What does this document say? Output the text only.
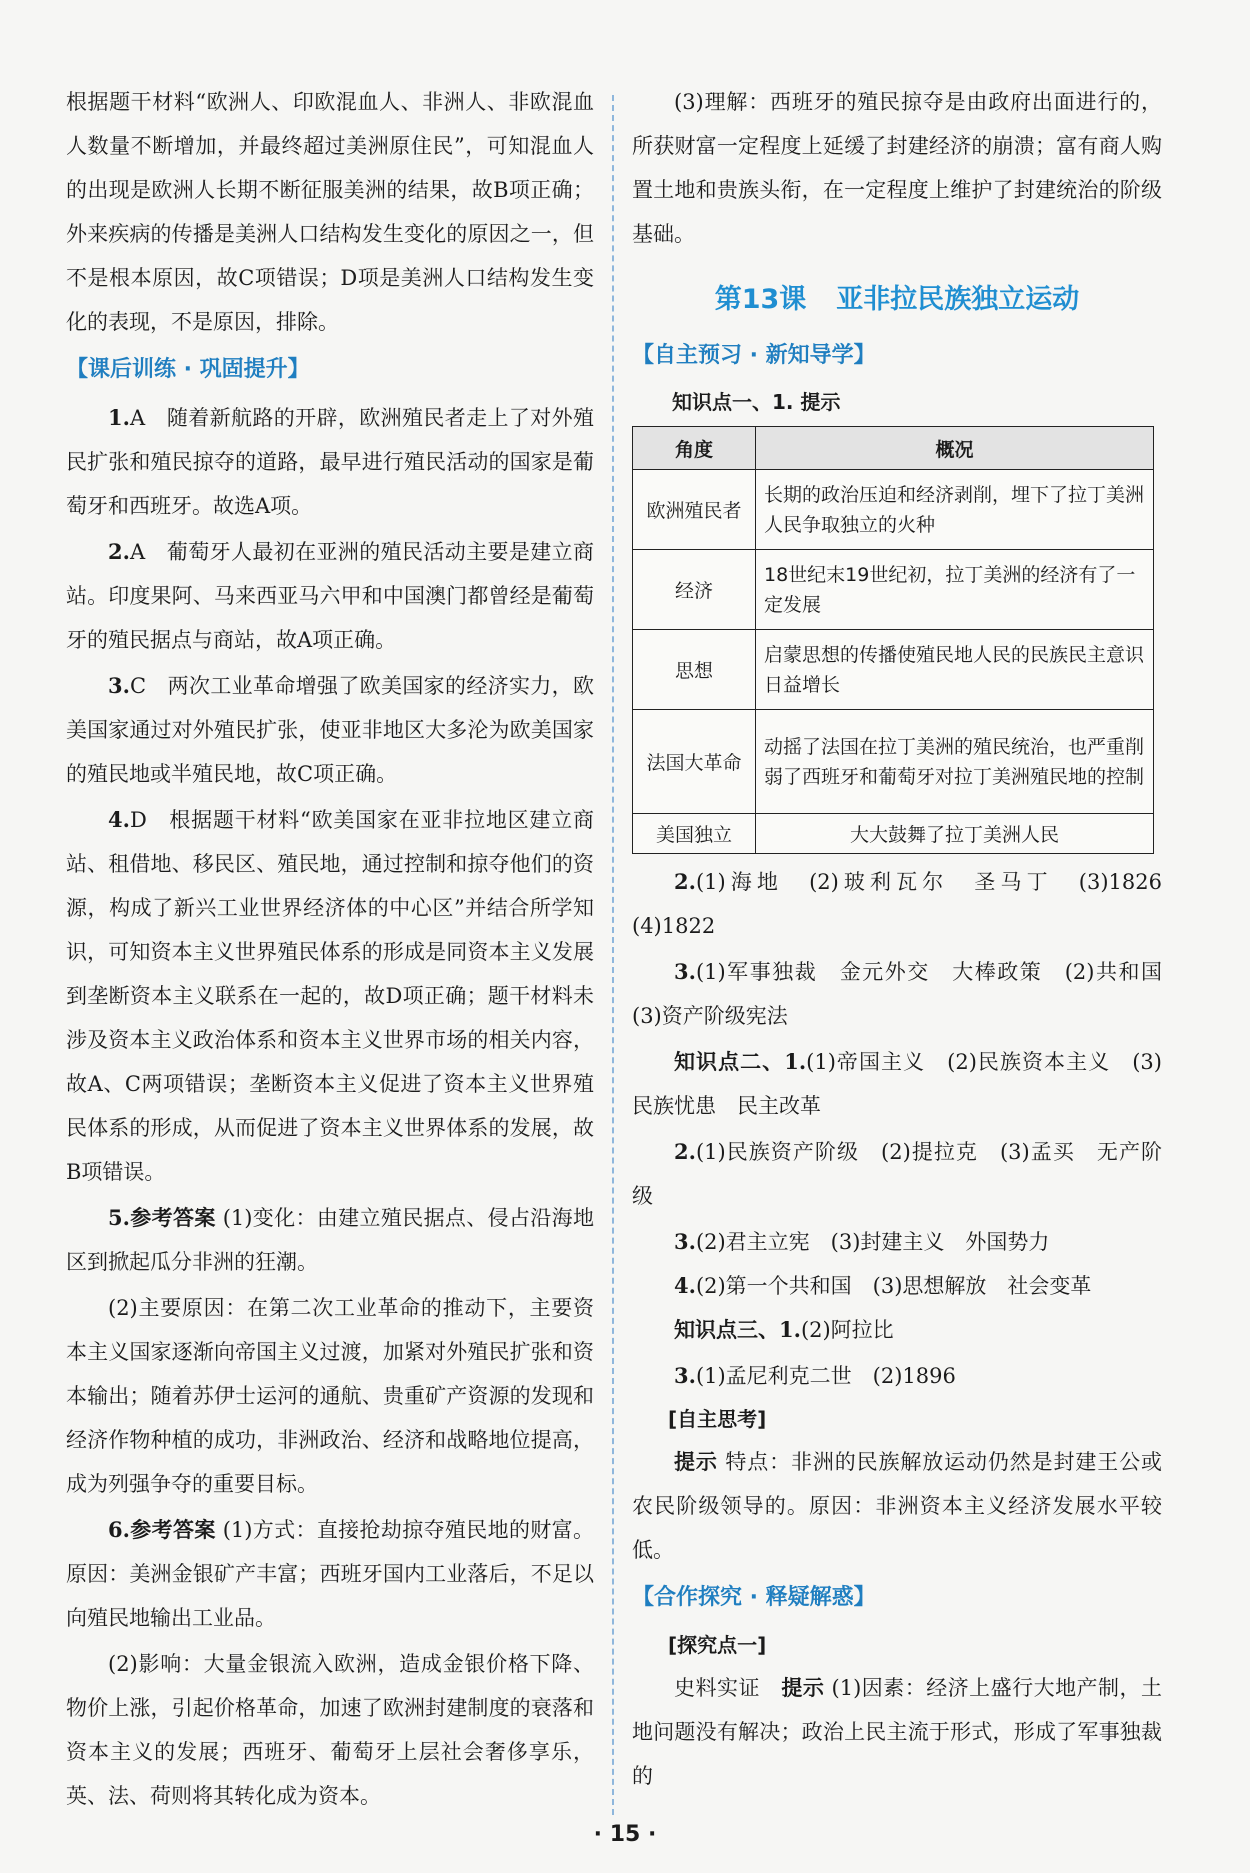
根据题干材料“欧洲人、印欧混血人、非洲人、非欧混血人数量不断增加，并最终超过美洲原住民”，可知混血人的出现是欧洲人长期不断征服美洲的结果，故B项正确；外来疾病的传播是美洲人口结构发生变化的原因之一，但不是根本原因，故C项错误；D项是美洲人口结构发生变化的表现，不是原因，排除。

【课后训练 · 巩固提升】

1.A　随着新航路的开辟，欧洲殖民者走上了对外殖民扩张和殖民掠夺的道路，最早进行殖民活动的国家是葡萄牙和西班牙。故选A项。

2.A　葡萄牙人最初在亚洲的殖民活动主要是建立商站。印度果阿、马来西亚马六甲和中国澳门都曾经是葡萄牙的殖民据点与商站，故A项正确。

3.C　两次工业革命增强了欧美国家的经济实力，欧美国家通过对外殖民扩张，使亚非地区大多沦为欧美国家的殖民地或半殖民地，故C项正确。

4.D　根据题干材料“欧美国家在亚非拉地区建立商站、租借地、移民区、殖民地，通过控制和掠夺他们的资源，构成了新兴工业世界经济体的中心区”并结合所学知识，可知资本主义世界殖民体系的形成是同资本主义发展到垄断资本主义联系在一起的，故D项正确；题干材料未涉及资本主义政治体系和资本主义世界市场的相关内容，故A、C两项错误；垄断资本主义促进了资本主义世界殖民体系的形成，从而促进了资本主义世界体系的发展，故B项错误。

5.参考答案 (1)变化：由建立殖民据点、侵占沿海地区到掀起瓜分非洲的狂潮。

(2)主要原因：在第二次工业革命的推动下，主要资本主义国家逐渐向帝国主义过渡，加紧对外殖民扩张和资本输出；随着苏伊士运河的通航、贵重矿产资源的发现和经济作物种植的成功，非洲政治、经济和战略地位提高，成为列强争夺的重要目标。

6.参考答案 (1)方式：直接抢劫掠夺殖民地的财富。原因：美洲金银矿产丰富；西班牙国内工业落后，不足以向殖民地输出工业品。

(2)影响：大量金银流入欧洲，造成金银价格下降、物价上涨，引起价格革命，加速了欧洲封建制度的衰落和资本主义的发展；西班牙、葡萄牙上层社会奢侈享乐，英、法、荷则将其转化成为资本。

(3)理解：西班牙的殖民掠夺是由政府出面进行的，所获财富一定程度上延缓了封建经济的崩溃；富有商人购置土地和贵族头衔，在一定程度上维护了封建统治的阶级基础。

第13课 亚非拉民族独立运动
【自主预习 · 新知导学】
知识点一、1. 提示
角度	概况
欧洲殖民者	长期的政治压迫和经济剥削，埋下了拉丁美洲人民争取独立的火种
经济	18世纪末19世纪初，拉丁美洲的经济有了一定发展
思想	启蒙思想的传播使殖民地人民的民族民主意识日益增长
法国大革命	动摇了法国在拉丁美洲的殖民统治，也严重削弱了西班牙和葡萄牙对拉丁美洲殖民地的控制
美国独立	大大鼓舞了拉丁美洲人民

2.(1)海地　(2)玻利瓦尔　圣马丁　(3)1826　(4)1822

3.(1)军事独裁　金元外交　大棒政策　(2)共和国　(3)资产阶级宪法

知识点二、1.(1)帝国主义　(2)民族资本主义　(3)民族忧患　民主改革

2.(1)民族资产阶级　(2)提拉克　(3)孟买　无产阶级

3.(2)君主立宪　(3)封建主义　外国势力

4.(2)第一个共和国　(3)思想解放　社会变革

知识点三、1.(2)阿拉比

3.(1)孟尼利克二世　(2)1896

[自主思考]

提示 特点：非洲的民族解放运动仍然是封建王公或农民阶级领导的。原因：非洲资本主义经济发展水平较低。

【合作探究 · 释疑解惑】
[探究点一]

史料实证　 提示 (1)因素：经济上盛行大地产制，土地问题没有解决；政治上民主流于形式，形成了军事独裁的

· 15 ·
